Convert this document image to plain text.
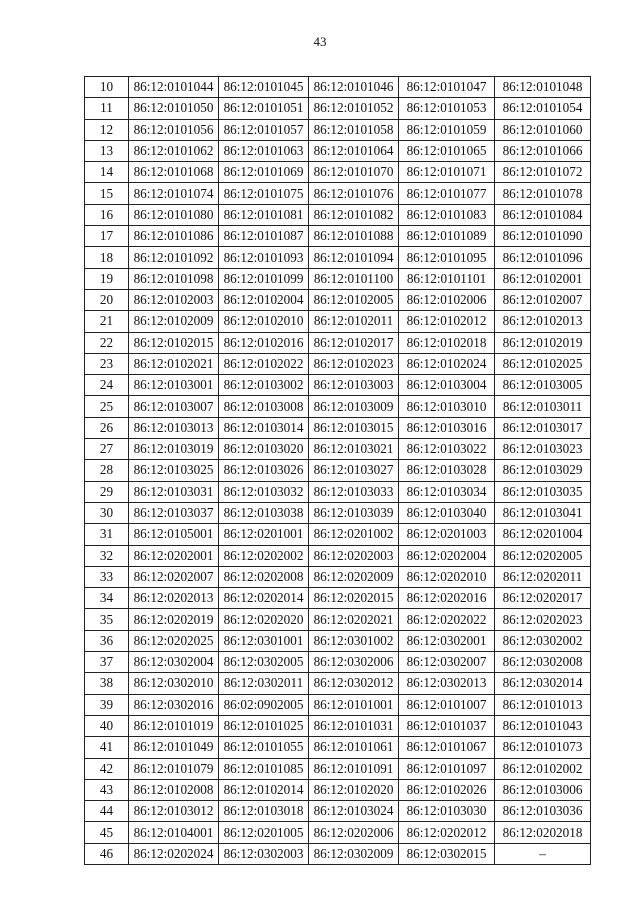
43
10	86:12:0101044	86:12:0101045	86:12:0101046	86:12:0101047	86:12:0101048
11	86:12:0101050	86:12:0101051	86:12:0101052	86:12:0101053	86:12:0101054
12	86:12:0101056	86:12:0101057	86:12:0101058	86:12:0101059	86:12:0101060
13	86:12:0101062	86:12:0101063	86:12:0101064	86:12:0101065	86:12:0101066
14	86:12:0101068	86:12:0101069	86:12:0101070	86:12:0101071	86:12:0101072
15	86:12:0101074	86:12:0101075	86:12:0101076	86:12:0101077	86:12:0101078
16	86:12:0101080	86:12:0101081	86:12:0101082	86:12:0101083	86:12:0101084
17	86:12:0101086	86:12:0101087	86:12:0101088	86:12:0101089	86:12:0101090
18	86:12:0101092	86:12:0101093	86:12:0101094	86:12:0101095	86:12:0101096
19	86:12:0101098	86:12:0101099	86:12:0101100	86:12:0101101	86:12:0102001
20	86:12:0102003	86:12:0102004	86:12:0102005	86:12:0102006	86:12:0102007
21	86:12:0102009	86:12:0102010	86:12:0102011	86:12:0102012	86:12:0102013
22	86:12:0102015	86:12:0102016	86:12:0102017	86:12:0102018	86:12:0102019
23	86:12:0102021	86:12:0102022	86:12:0102023	86:12:0102024	86:12:0102025
24	86:12:0103001	86:12:0103002	86:12:0103003	86:12:0103004	86:12:0103005
25	86:12:0103007	86:12:0103008	86:12:0103009	86:12:0103010	86:12:0103011
26	86:12:0103013	86:12:0103014	86:12:0103015	86:12:0103016	86:12:0103017
27	86:12:0103019	86:12:0103020	86:12:0103021	86:12:0103022	86:12:0103023
28	86:12:0103025	86:12:0103026	86:12:0103027	86:12:0103028	86:12:0103029
29	86:12:0103031	86:12:0103032	86:12:0103033	86:12:0103034	86:12:0103035
30	86:12:0103037	86:12:0103038	86:12:0103039	86:12:0103040	86:12:0103041
31	86:12:0105001	86:12:0201001	86:12:0201002	86:12:0201003	86:12:0201004
32	86:12:0202001	86:12:0202002	86:12:0202003	86:12:0202004	86:12:0202005
33	86:12:0202007	86:12:0202008	86:12:0202009	86:12:0202010	86:12:0202011
34	86:12:0202013	86:12:0202014	86:12:0202015	86:12:0202016	86:12:0202017
35	86:12:0202019	86:12:0202020	86:12:0202021	86:12:0202022	86:12:0202023
36	86:12:0202025	86:12:0301001	86:12:0301002	86:12:0302001	86:12:0302002
37	86:12:0302004	86:12:0302005	86:12:0302006	86:12:0302007	86:12:0302008
38	86:12:0302010	86:12:0302011	86:12:0302012	86:12:0302013	86:12:0302014
39	86:12:0302016	86:02:0902005	86:12:0101001	86:12:0101007	86:12:0101013
40	86:12:0101019	86:12:0101025	86:12:0101031	86:12:0101037	86:12:0101043
41	86:12:0101049	86:12:0101055	86:12:0101061	86:12:0101067	86:12:0101073
42	86:12:0101079	86:12:0101085	86:12:0101091	86:12:0101097	86:12:0102002
43	86:12:0102008	86:12:0102014	86:12:0102020	86:12:0102026	86:12:0103006
44	86:12:0103012	86:12:0103018	86:12:0103024	86:12:0103030	86:12:0103036
45	86:12:0104001	86:12:0201005	86:12:0202006	86:12:0202012	86:12:0202018
46	86:12:0202024	86:12:0302003	86:12:0302009	86:12:0302015	–
